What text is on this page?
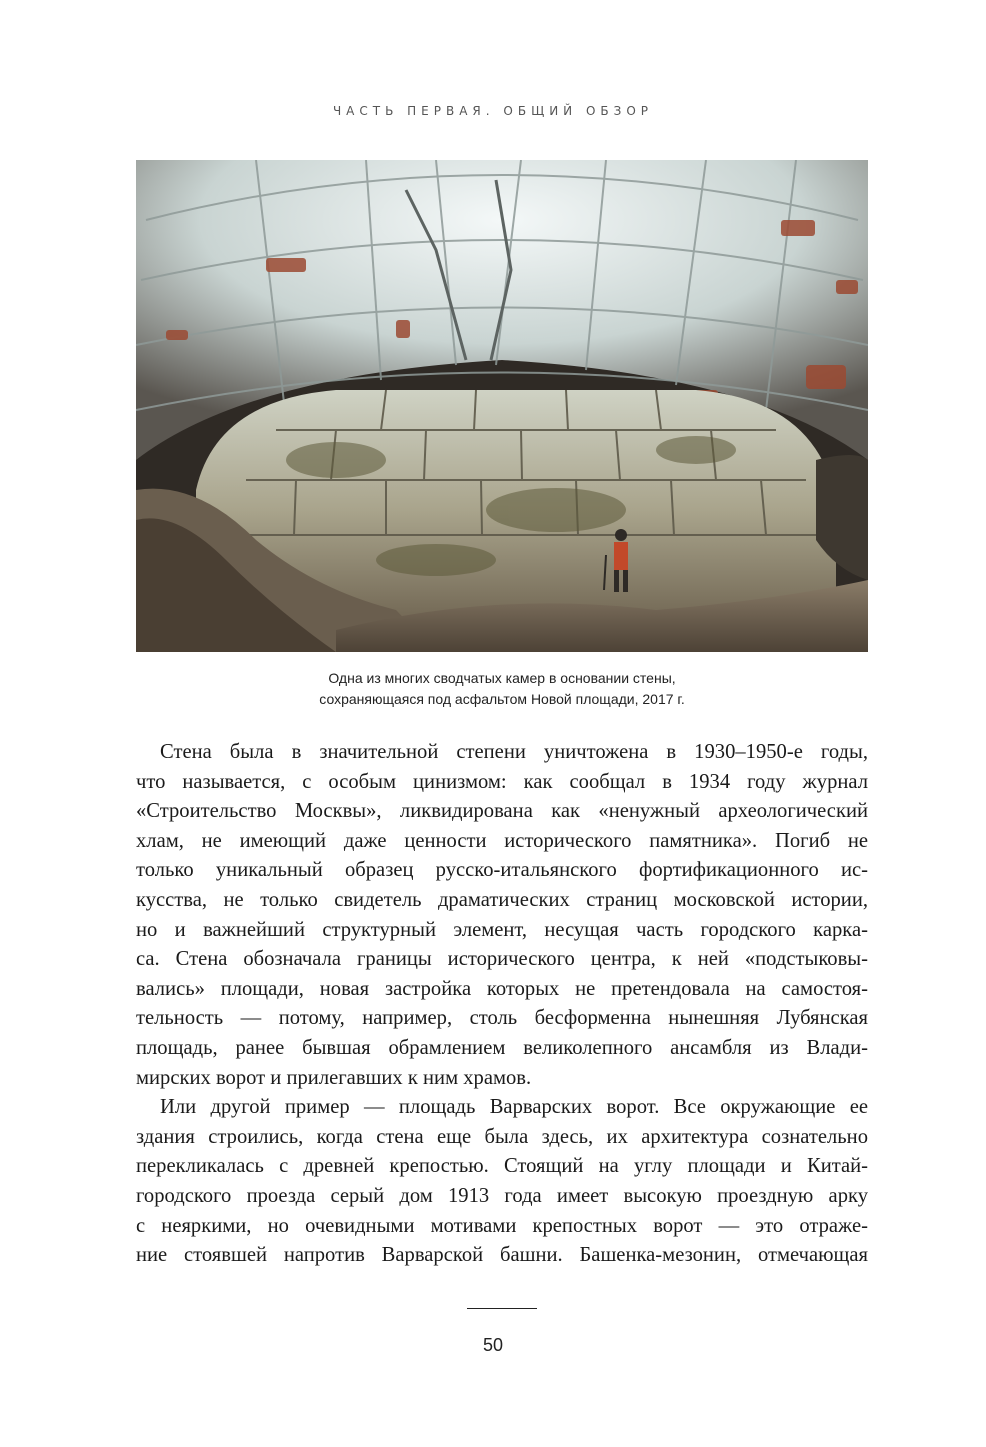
ЧАСТЬ ПЕРВАЯ. ОБЩИЙ ОБЗОР
Одна из многих сводчатых камер в основании стены,
сохраняющаяся под асфальтом Новой площади, 2017 г.
Стена была в значительной степени уничтожена в 1930–1950-е годы,
что называется, с особым цинизмом: как сообщал в 1934 году журнал
«Строительство Москвы», ликвидирована как «ненужный археологический
хлам, не имеющий даже ценности исторического памятника». Погиб не
только уникальный образец русско-итальянского фортификационного ис-
кусства, не только свидетель драматических страниц московской истории,
но и важнейший структурный элемент, несущая часть городского карка-
са. Стена обозначала границы исторического центра, к ней «подстыковы-
вались» площади, новая застройка которых не претендовала на самостоя-
тельность — потому, например, столь бесформенна нынешняя Лубянская
площадь, ранее бывшая обрамлением великолепного ансамбля из Влади-
мирских ворот и прилегавших к ним храмов.
Или другой пример — площадь Варварских ворот. Все окружающие ее
здания строились, когда стена еще была здесь, их архитектура сознательно
перекликалась с древней крепостью. Стоящий на углу площади и Китай-
городского проезда серый дом 1913 года имеет высокую проездную арку
с неяркими, но очевидными мотивами крепостных ворот — это отраже-
ние стоявшей напротив Варварской башни. Башенка-мезонин, отмечающая
50
